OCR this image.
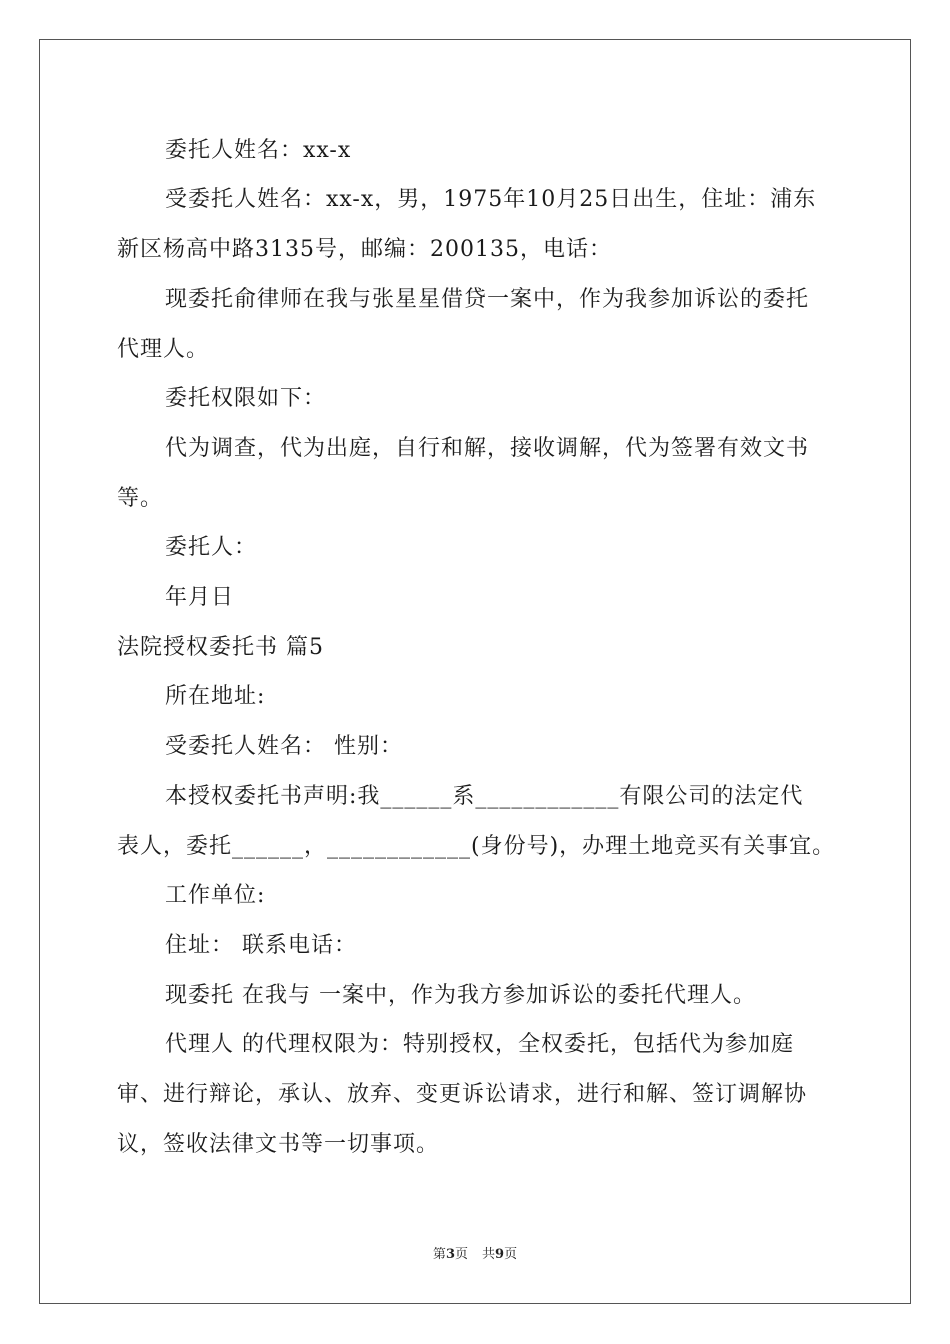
委托人姓名：xx-x
受委托人姓名：xx-x，男，1975年10月25日出生，住址：浦东
新区杨高中路3135号，邮编：200135，电话：
现委托俞律师在我与张星星借贷一案中，作为我参加诉讼的委托
代理人。
委托权限如下：
代为调查，代为出庭，自行和解，接收调解，代为签署有效文书
等。
委托人：
年月日
法院授权委托书 篇5
所在地址:
受委托人姓名： 性别：
本授权委托书声明:我______系____________有限公司的法定代
表人，委托______，____________(身份号)，办理土地竞买有关事宜。
工作单位:
住址： 联系电话：
现委托 在我与 一案中，作为我方参加诉讼的委托代理人。
代理人 的代理权限为：特别授权，全权委托，包括代为参加庭
审、进行辩论，承认、放弃、变更诉讼请求，进行和解、签订调解协
议，签收法律文书等一切事项。
第3页 共9页
